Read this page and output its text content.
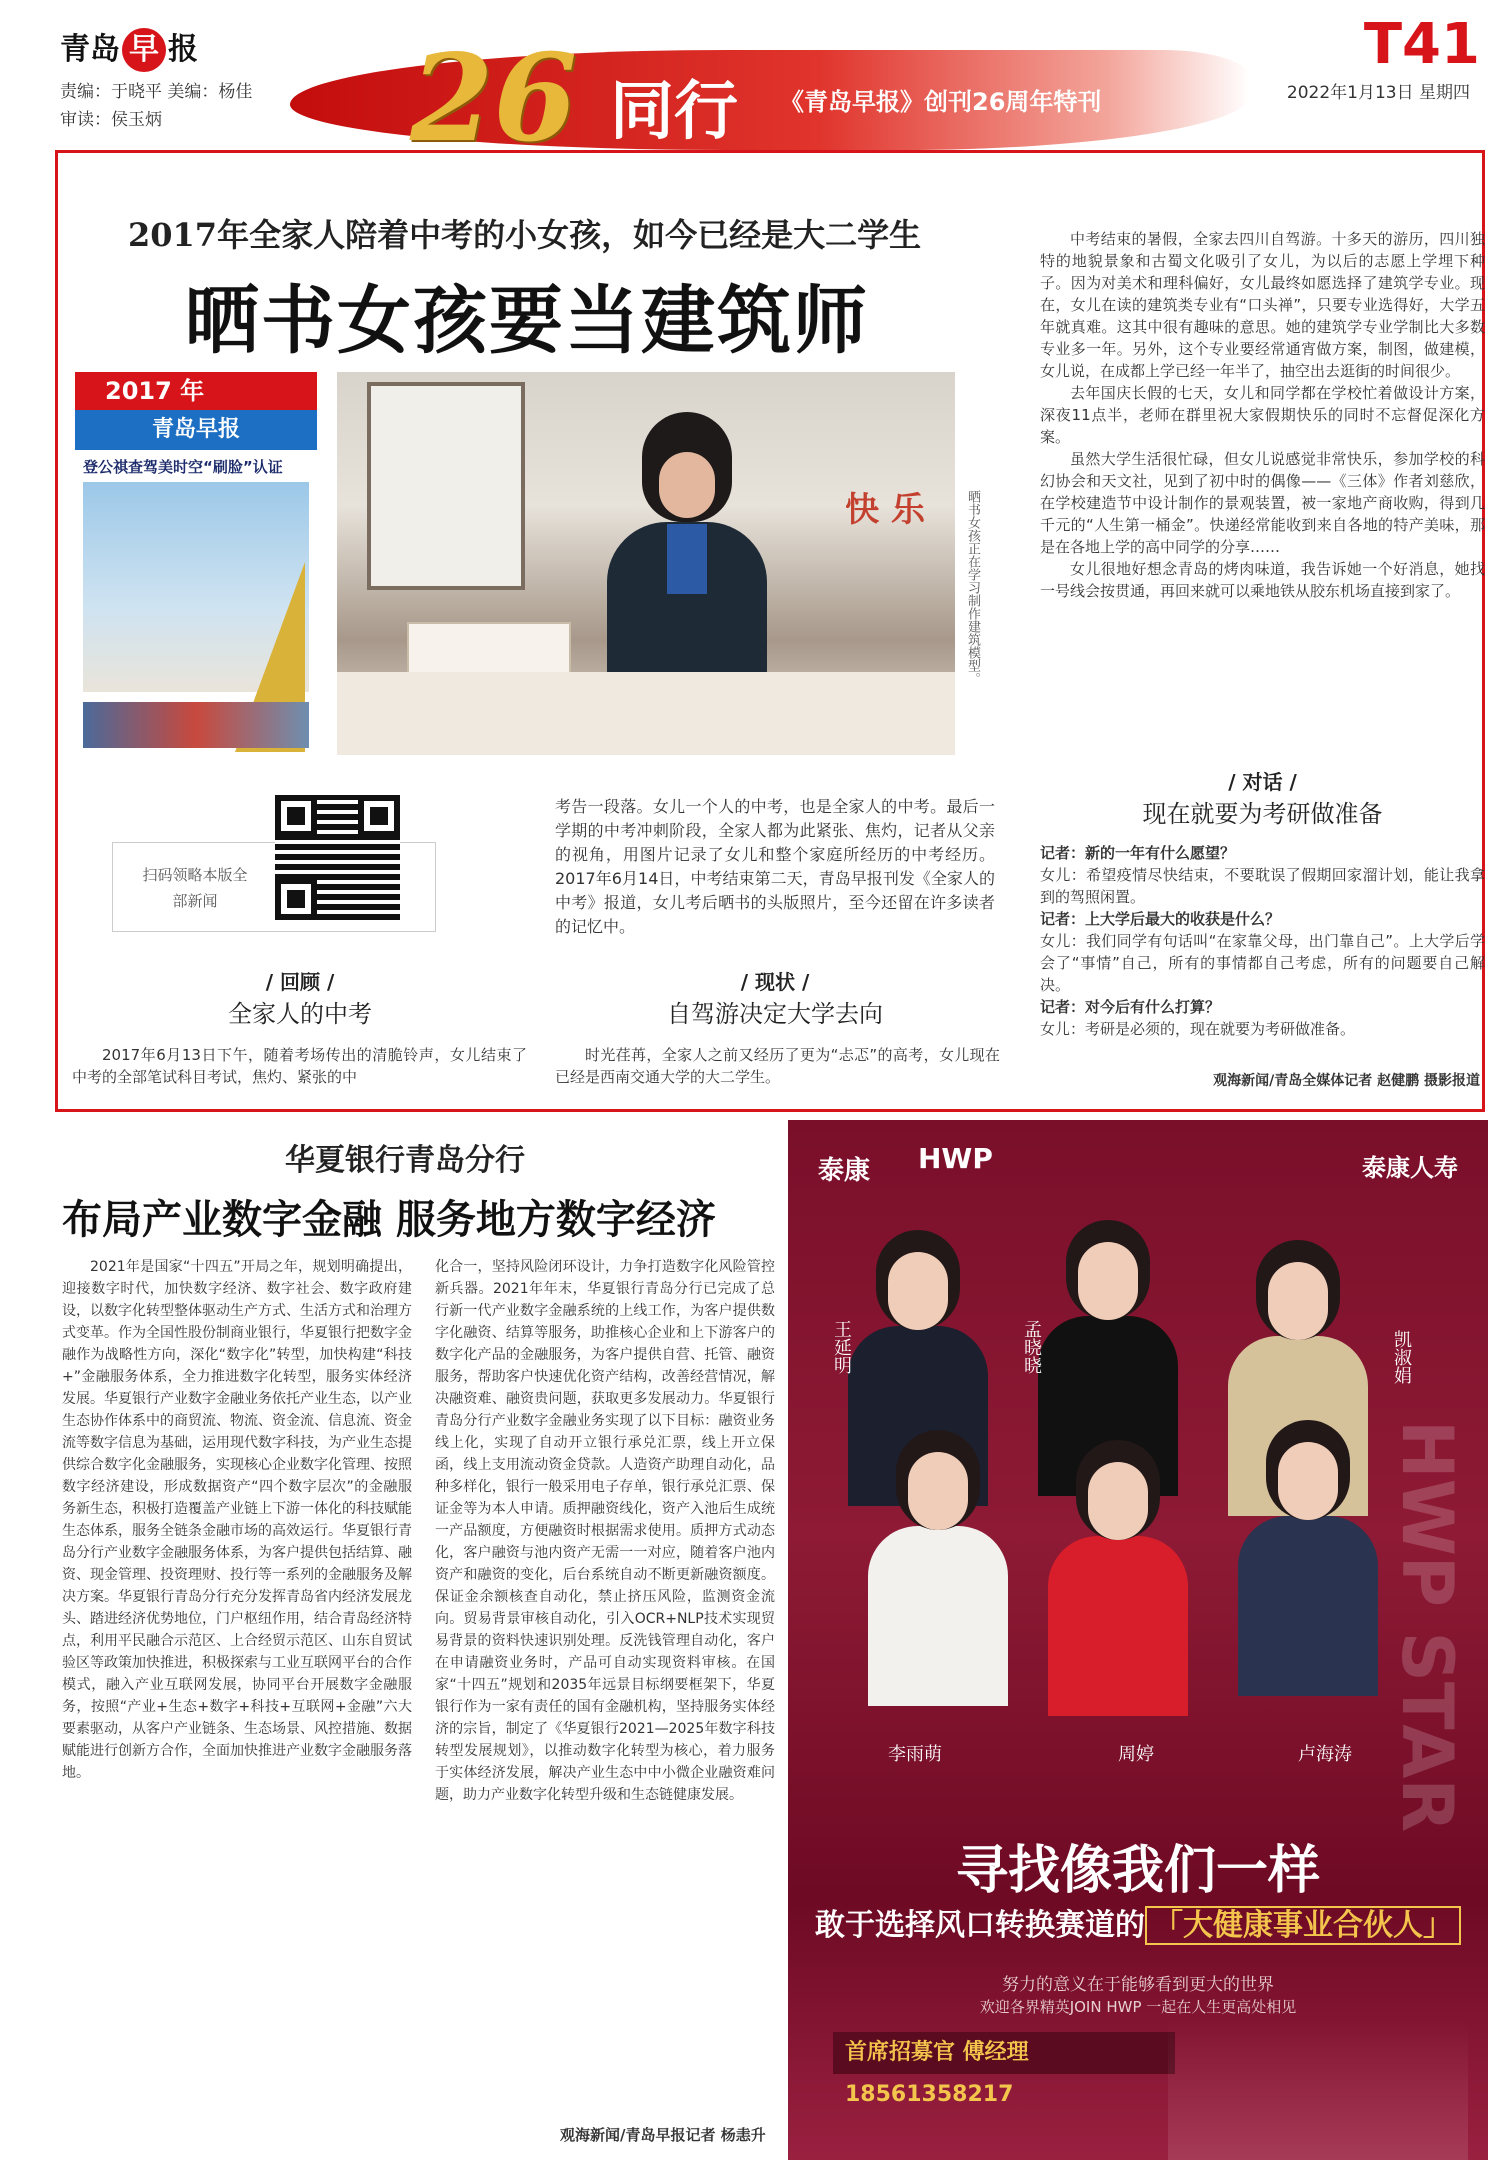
青岛 早 报
责编：于晓平 美编：杨佳
审读：侯玉炳	26 同行 《青岛早报》创刊26周年特刊
T41
2022年1月13日 星期四
2017年全家人陪着中考的小女孩，如今已经是大二学生
晒书女孩要当建筑师
2017 年
青岛早报
登公祺查驾美时空“刷脸”认证
快 乐	晒书女孩正在学习制作建筑模型。

中考结束的暑假，全家去四川自驾游。十多天的游历，四川独特的地貌景象和古蜀文化吸引了女儿，为以后的志愿上学埋下种子。因为对美术和理科偏好，女儿最终如愿选择了建筑学专业。现在，女儿在读的建筑类专业有“口头禅”，只要专业选得好，大学五年就真难。这其中很有趣味的意思。她的建筑学专业学制比大多数专业多一年。另外，这个专业要经常通宵做方案，制图，做建模，女儿说，在成都上学已经一年半了，抽空出去逛街的时间很少。

去年国庆长假的七天，女儿和同学都在学校忙着做设计方案，深夜11点半，老师在群里祝大家假期快乐的同时不忘督促深化方案。

虽然大学生活很忙碌，但女儿说感觉非常快乐，参加学校的科幻协会和天文社，见到了初中时的偶像——《三体》作者刘慈欣，在学校建造节中设计制作的景观装置，被一家地产商收购，得到几千元的“人生第一桶金”。快递经常能收到来自各地的特产美味，那是在各地上学的高中同学的分享……

女儿很地好想念青岛的烤肉味道，我告诉她一个好消息，她找一号线会按贯通，再回来就可以乘地铁从胶东机场直接到家了。

/ 对话 /
现在就要为考研做准备
记者：新的一年有什么愿望？
女儿：希望疫情尽快结束，不要耽误了假期回家溜计划，能让我拿到的驾照闲置。
记者：上大学后最大的收获是什么？
女儿：我们同学有句话叫“在家靠父母，出门靠自己”。上大学后学会了“事情”自己，所有的事情都自己考虑，所有的问题要自己解决。
记者：对今后有什么打算？
女儿：考研是必须的，现在就要为考研做准备。
观海新闻/青岛全媒体记者 赵健鹏 摄影报道
扫码领略本版全部新闻
考告一段落。女儿一个人的中考，也是全家人的中考。最后一学期的中考冲刺阶段，全家人都为此紧张、焦灼，记者从父亲的视角，用图片记录了女儿和整个家庭所经历的中考经历。2017年6月14日，中考结束第二天，青岛早报刊发《全家人的中考》报道，女儿考后晒书的头版照片，至今还留在许多读者的记忆中。
/ 回顾 /
全家人的中考
2017年6月13日下午，随着考场传出的清脆铃声，女儿结束了中考的全部笔试科目考试，焦灼、紧张的中
/ 现状 /
自驾游决定大学去向
时光荏苒，全家人之前又经历了更为“忐忑”的高考，女儿现在已经是西南交通大学的大二学生。
华夏银行青岛分行
布局产业数字金融 服务地方数字经济
2021年是国家“十四五”开局之年，规划明确提出，迎接数字时代，加快数字经济、数字社会、数字政府建设，以数字化转型整体驱动生产方式、生活方式和治理方式变革。作为全国性股份制商业银行，华夏银行把数字金融作为战略性方向，深化“数字化”转型，加快构建“科技+”金融服务体系，全力推进数字化转型，服务实体经济发展。华夏银行产业数字金融业务依托产业生态，以产业生态协作体系中的商贸流、物流、资金流、信息流、资金流等数字信息为基础，运用现代数字科技，为产业生态提供综合数字化金融服务，实现核心企业数字化管理、按照数字经济建设，形成数据资产“四个数字层次”的金融服务新生态，积极打造覆盖产业链上下游一体化的科技赋能生态体系，服务全链条金融市场的高效运行。华夏银行青岛分行产业数字金融服务体系，为客户提供包括结算、融资、现金管理、投资理财、投行等一系列的金融服务及解决方案。华夏银行青岛分行充分发挥青岛省内经济发展龙头、踏进经济优势地位，门户枢纽作用，结合青岛经济特点，利用平民融合示范区、上合经贸示范区、山东自贸试验区等政策加快推进，积极探索与工业互联网平台的合作模式，融入产业互联网发展，协同平台开展数字金融服务，按照“产业+生态+数字+科技+互联网+金融”六大要素驱动，从客户产业链条、生态场景、风控措施、数据赋能进行创新方合作，全面加快推进产业数字金融服务落地。
化合一，坚持风险闭环设计，力争打造数字化风险管控新兵器。2021年年末，华夏银行青岛分行已完成了总行新一代产业数字金融系统的上线工作，为客户提供数字化融资、结算等服务，助推核心企业和上下游客户的数字化产品的金融服务，为客户提供自营、托管、融资服务，帮助客户快速优化资产结构，改善经营情况，解决融资难、融资贵问题，获取更多发展动力。华夏银行青岛分行产业数字金融业务实现了以下目标：融资业务线上化，实现了自动开立银行承兑汇票，线上开立保函，线上支用流动资金贷款。人造资产助理自动化，品种多样化，银行一般采用电子存单，银行承兑汇票、保证金等为本人申请。质押融资线化，资产入池后生成统一产品额度，方便融资时根据需求使用。质押方式动态化，客户融资与池内资产无需一一对应，随着客户池内资产和融资的变化，后台系统自动不断更新融资额度。保证金余额核查自动化，禁止挤压风险，监测资金流向。贸易背景审核自动化，引入OCR+NLP技术实现贸易背景的资料快速识别处理。反洗钱管理自动化，客户在申请融资业务时，产品可自动实现资料审核。在国家“十四五”规划和2035年远景目标纲要框架下，华夏银行作为一家有责任的国有金融机构，坚持服务实体经济的宗旨，制定了《华夏银行2021—2025年数字科技转型发展规划》，以推动数字化转型为核心，着力服务于实体经济发展，解决产业生态中中小微企业融资难问题，助力产业数字化转型升级和生态链健康发展。
观海新闻/青岛早报记者 杨恚升
泰康 HWP	泰康人寿
HWP STAR
王延明	孟晓晓	凯淑娟
李雨萌	周婷	卢海涛
寻找像我们一样
敢于选择风口转换赛道的 「大健康事业合伙人」
努力的意义在于能够看到更大的世界
欢迎各界精英JOIN HWP 一起在人生更高处相见
首席招募官 傅经理 18561358217
